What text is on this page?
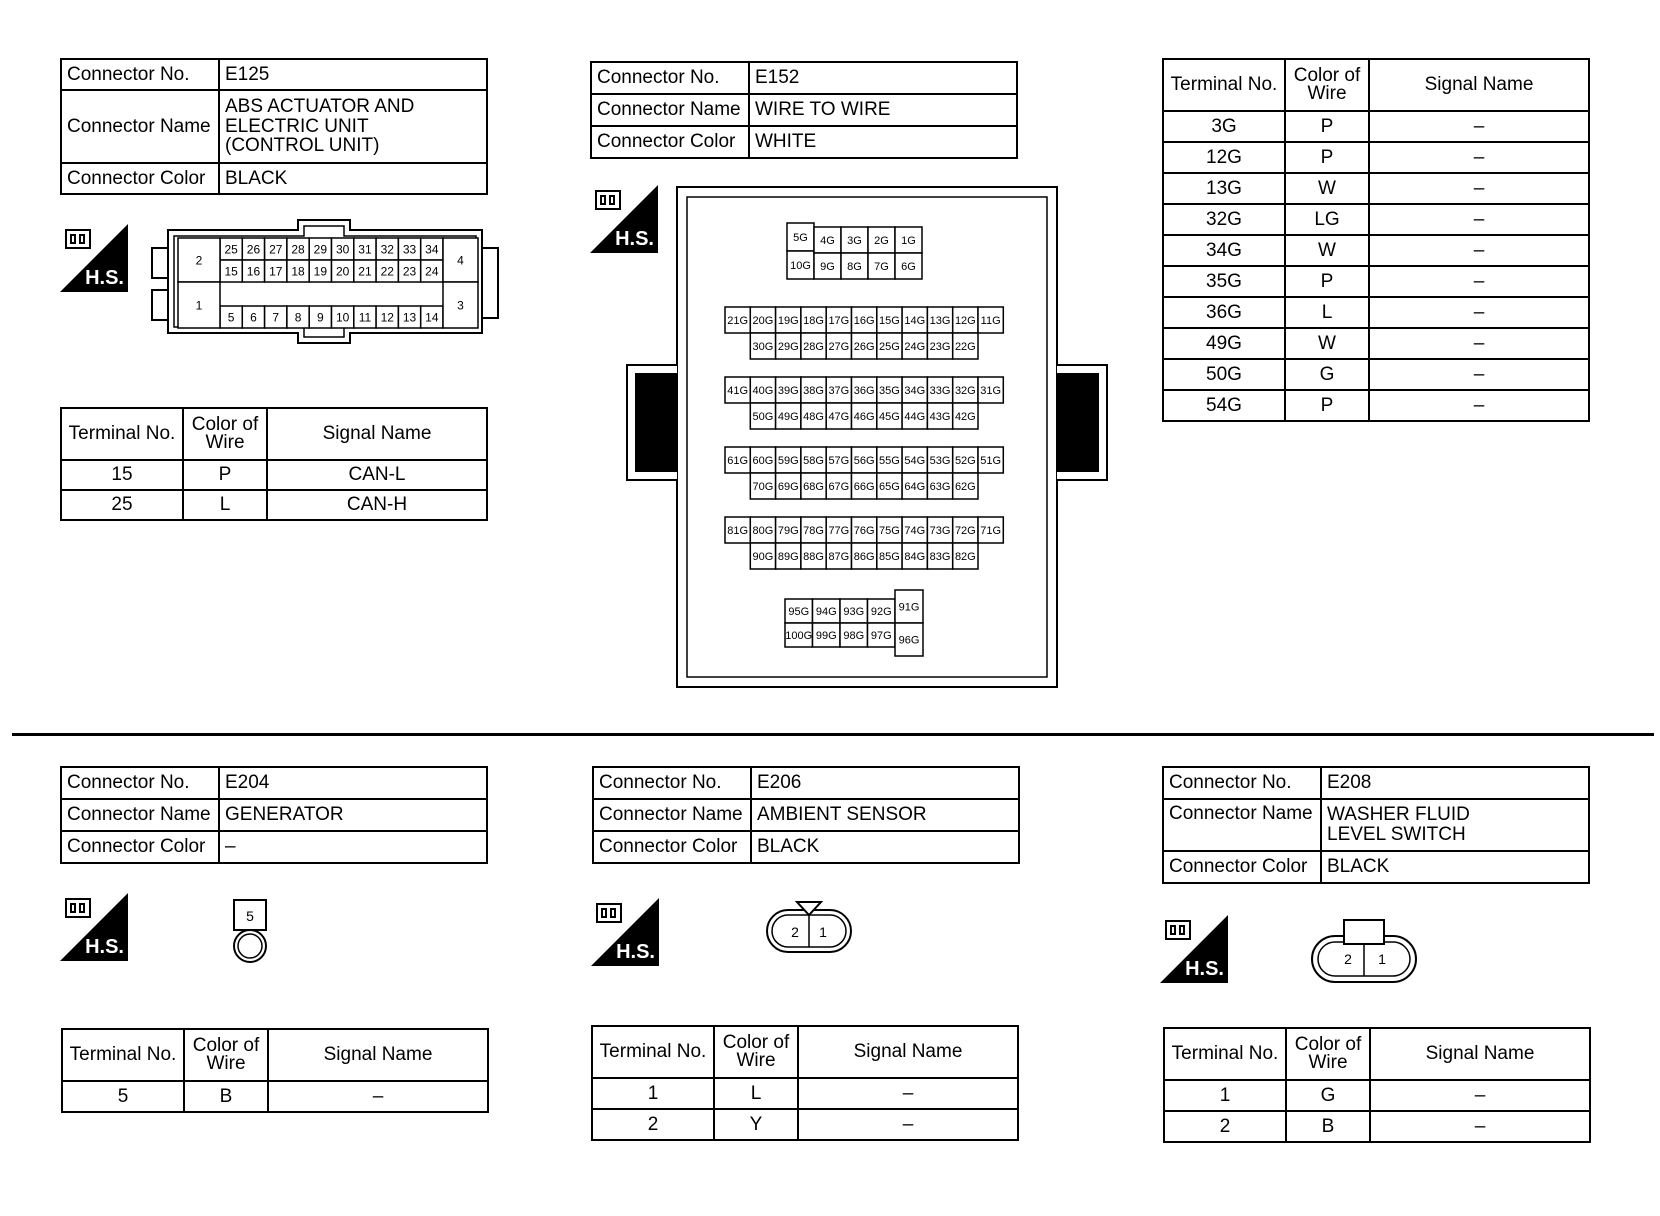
Connector No.	E125
Connector Name	ABS ACTUATOR AND
ELECTRIC UNIT
(CONTROL UNIT)

Connector Color	BLACK
H.S.
25 26 27 28 29 30 31 32 33 34
15 16 17 18 19 20 21 22 23 24
5 6 7 8 9 10 11 12 13 14
2
1
4
3
Terminal No.	Color of
Wire	Signal Name
15	P	CAN-L
25	L	CAN-H
Connector No.	E152
Connector Name	WIRE TO WIRE
Connector Color	WHITE
H.S.	5G
10G
4G
9G
3G
8G
2G
7G
1G
6G
21G 20G 19G 18G 17G 16G 15G 14G 13G 12G 11G
30G 29G 28G 27G 26G 25G 24G 23G 22G
41G 40G 39G 38G 37G 36G 35G 34G 33G 32G 31G
50G 49G 48G 47G 46G 45G 44G 43G 42G
61G 60G 59G 58G 57G 56G 55G 54G 53G 52G 51G
70G 69G 68G 67G 66G 65G 64G 63G 62G
81G 80G 79G 78G 77G 76G 75G 74G 73G 72G 71G
90G 89G 88G 87G 86G 85G 84G 83G 82G
95G
100G
94G
99G
93G
98G
92G
97G
91G
96G
Terminal No.	Color of
Wire	Signal Name
3G	P	–
12G	P	–
13G	W	–
32G	LG	–
34G	W	–
35G	P	–
36G	L	–
49G	W	–
50G	G	–
54G	P	–
Connector No.	E204
Connector Name	GENERATOR
Connector Color	–
H.S.
5
Terminal No.	Color of
Wire	Signal Name
5	B	–
Connector No.	E206
Connector Name	AMBIENT SENSOR
Connector Color	BLACK
H.S.
2 1
Terminal No.	Color of
Wire	Signal Name
1	L	–
2	Y	–
Connector No.	E208
Connector Name	WASHER FLUID
LEVEL SWITCH

Connector Color	BLACK
H.S.	2 1
Terminal No.	Color of
Wire	Signal Name
1	G	–
2	B	–
